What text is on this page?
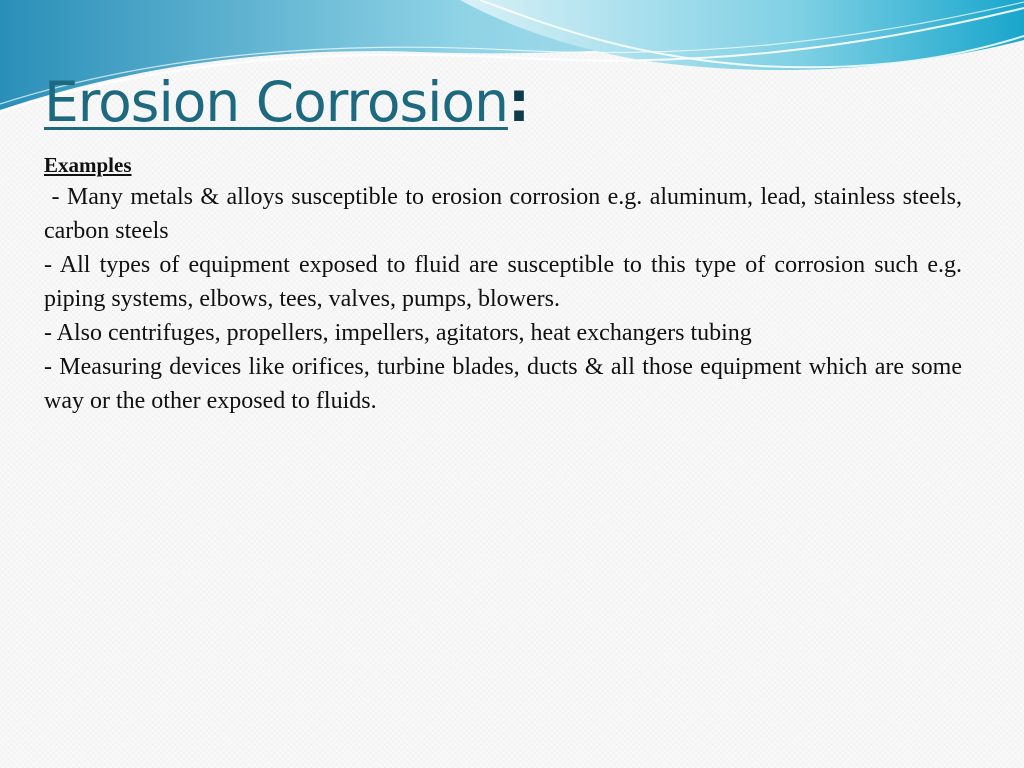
Erosion Corrosion:

Examples

- Many metals & alloys susceptible to erosion corrosion e.g. aluminum, lead, stainless steels, carbon steels

- All types of equipment exposed to fluid are susceptible to this type of corrosion such e.g. piping systems, elbows, tees, valves, pumps, blowers.

- Also centrifuges, propellers, impellers, agitators, heat exchangers tubing

- Measuring devices like orifices, turbine blades, ducts & all those equipment which are some way or the other exposed to fluids.
